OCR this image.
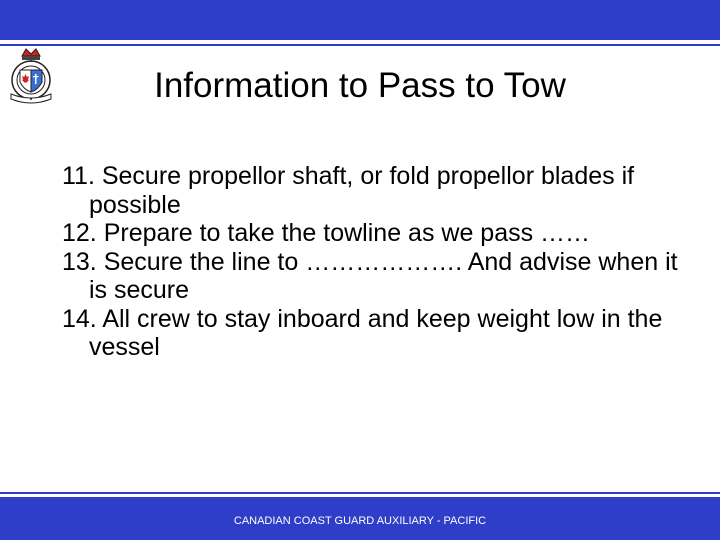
Information to Pass to Tow
11. Secure propellor shaft, or fold propellor blades if possible
12. Prepare to take the towline as we pass ……
13. Secure the line to ………………. And advise when it is secure
14. All crew to stay inboard and keep weight low in the vessel
CANADIAN COAST GUARD AUXILIARY - PACIFIC
